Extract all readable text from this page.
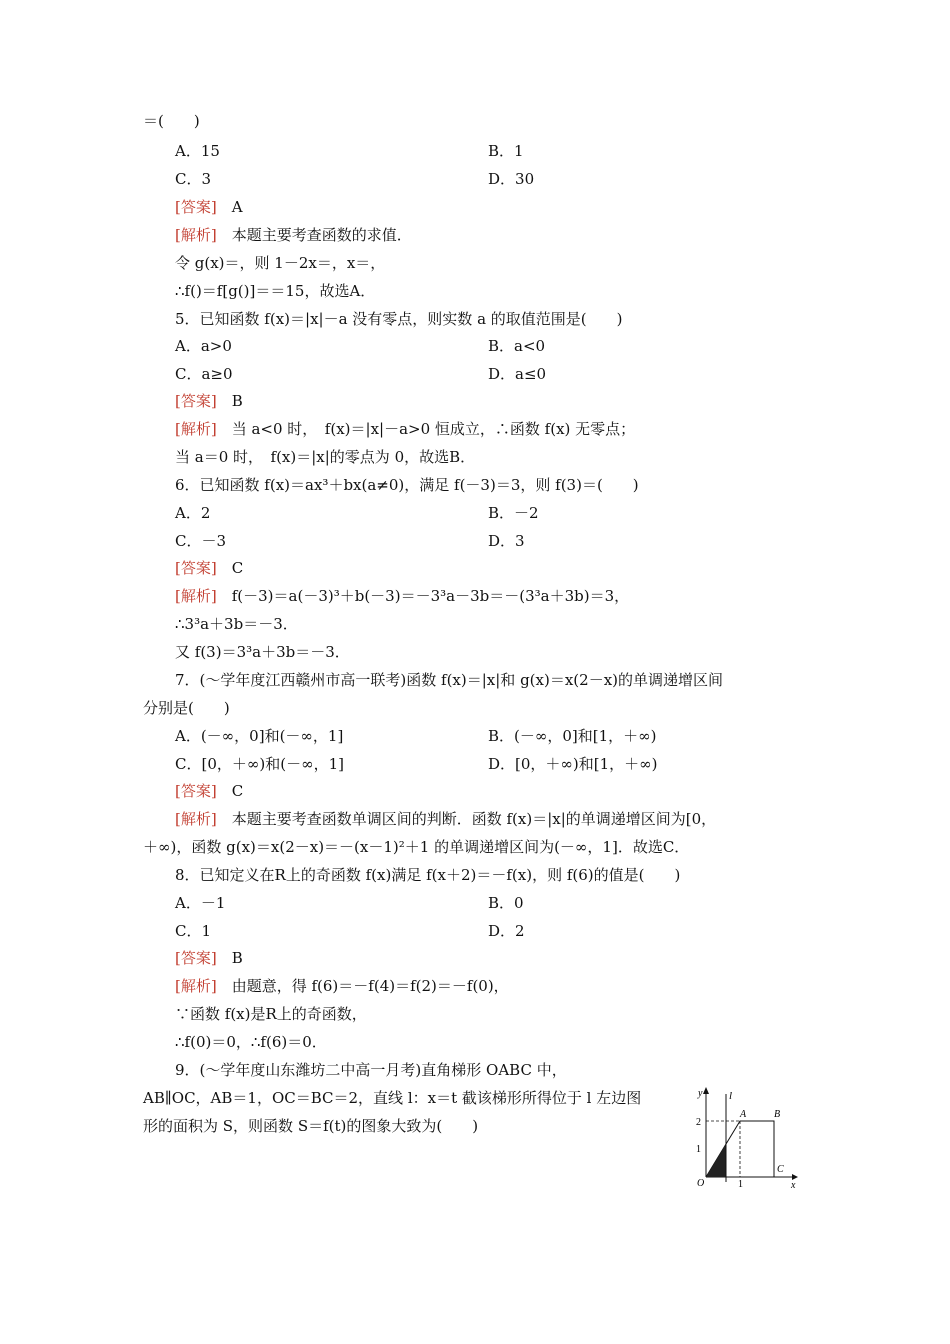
＝(　　)
A．15	B．1
C．3	D．30
[答案]　A
[解析]　本题主要考查函数的求值．
令 g(x)＝，则 1－2x＝，x＝，
∴f()＝f[g()]＝＝15，故选A．
5．已知函数 f(x)＝|x|－a 没有零点，则实数 a 的取值范围是(　　)
A．a>0	B．a<0
C．a≥0	D．a≤0
[答案]　B
[解析]　当 a<0 时，　f(x)＝|x|－a>0 恒成立，∴函数 f(x) 无零点；
当 a＝0 时，　f(x)＝|x|的零点为 0，故选B．
6．已知函数 f(x)＝ax³＋bx(a≠0)，满足 f(－3)＝3，则 f(3)＝(　　)
A．2	B．－2
C．－3	D．3
[答案]　C
[解析]　f(－3)＝a(－3)³＋b(－3)＝－3³a－3b＝－(3³a＋3b)＝3，
∴3³a＋3b＝－3．
又 f(3)＝3³a＋3b＝－3．
7．(～学年度江西赣州市高一联考)函数 f(x)＝|x|和 g(x)＝x(2－x)的单调递增区间
分别是(　　)
A．(－∞，0]和(－∞，1]	B．(－∞，0]和[1，＋∞)
C．[0，＋∞)和(－∞，1]	D．[0，＋∞)和[1，＋∞)
[答案]　C
[解析]　本题主要考查函数单调区间的判断．函数 f(x)＝|x|的单调递增区间为[0，
＋∞)，函数 g(x)＝x(2－x)＝－(x－1)²＋1 的单调递增区间为(－∞，1]．故选C．
8．已知定义在R上的奇函数 f(x)满足 f(x＋2)＝－f(x)，则 f(6)的值是(　　)
A．－1	B．0
C．1	D．2
[答案]　B
[解析]　由题意，得 f(6)＝－f(4)＝f(2)＝－f(0)，
∵函数 f(x)是R上的奇函数，
∴f(0)＝0，∴f(6)＝0．
9．(～学年度山东潍坊二中高一月考)直角梯形 OABC 中，
AB∥OC，AB＝1，OC＝BC＝2，直线 l：x＝t 截该梯形所得位于 l 左边图
形的面积为 S，则函数 S＝f(t)的图象大致为(　　)
y l
A	B
C
2
1
O	1	x
